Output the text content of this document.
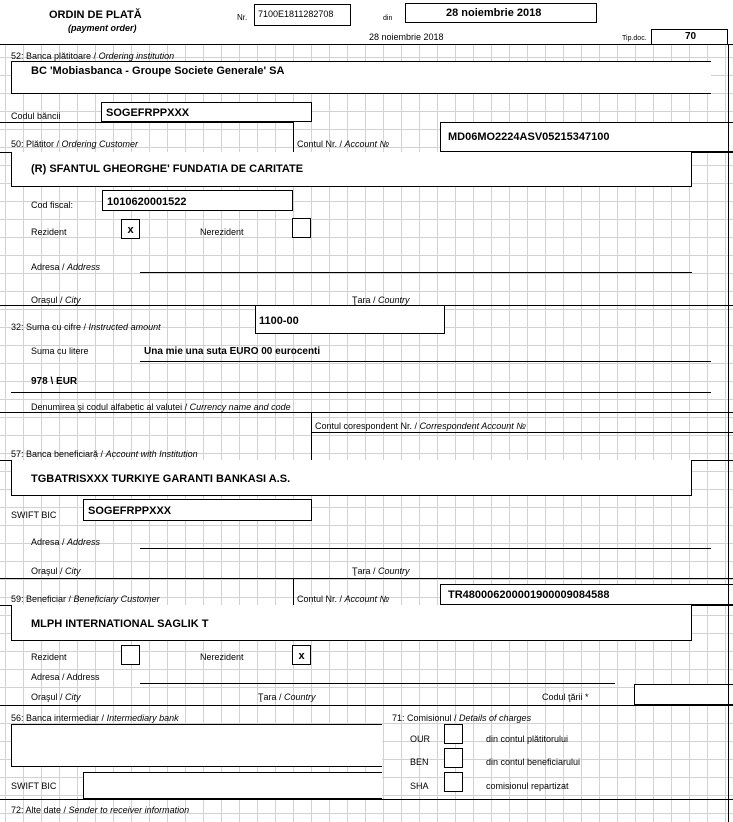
ORDIN DE PLATĂ
(payment order)
Nr. 7100E1811282708	din	28 noiembrie 2018
28 noiembrie 2018	Tip.doc.	70
52: Banca plătitoare / Ordering institution
BC 'Mobiasbanca - Groupe Societe Generale' SA
Codul băncii	SOGEFRPPXXX
50: Plătitor / Ordering Customer	Contul Nr. / Account №
MD06MO2224ASV05215347100
(R) SFANTUL GHEORGHE' FUNDATIA DE CARITATE
Cod fiscal:	1010620001522
Rezident	x	Nerezident
Adresa / Address
Orașul / City	Ţara / Country
32: Suma cu cifre / Instructed amount	1100-00
Suma cu litere	Una mie una suta EURO 00 eurocenti
978 \ EUR
Denumirea şi codul alfabetic al valutei / Currency name and code
Contul corespondent Nr. / Correspondent Account №
57: Banca beneficiară / Account with Institution
TGBATRISXXX TURKIYE GARANTI BANKASI A.S.
SWIFT BIC	SOGEFRPPXXX
Adresa / Address
Oraşul / City	Ţara / Country
59: Beneficiar / Beneficiary Customer	Contul Nr. / Account №	TR480006200001900009084588
MLPH INTERNATIONAL SAGLIK T
Rezident	Nerezident	x
Adresa / Address
Oraşul / City	Ţara / Country	Codul ţării *
56: Banca intermediar / Intermediary bank
SWIFT BIC
71: Comisionul / Details of charges
OUR	din contul plătitorului
BEN	din contul beneficiarului
SHA	comisionul repartizat
72: Alte date / Sender to receiver information
